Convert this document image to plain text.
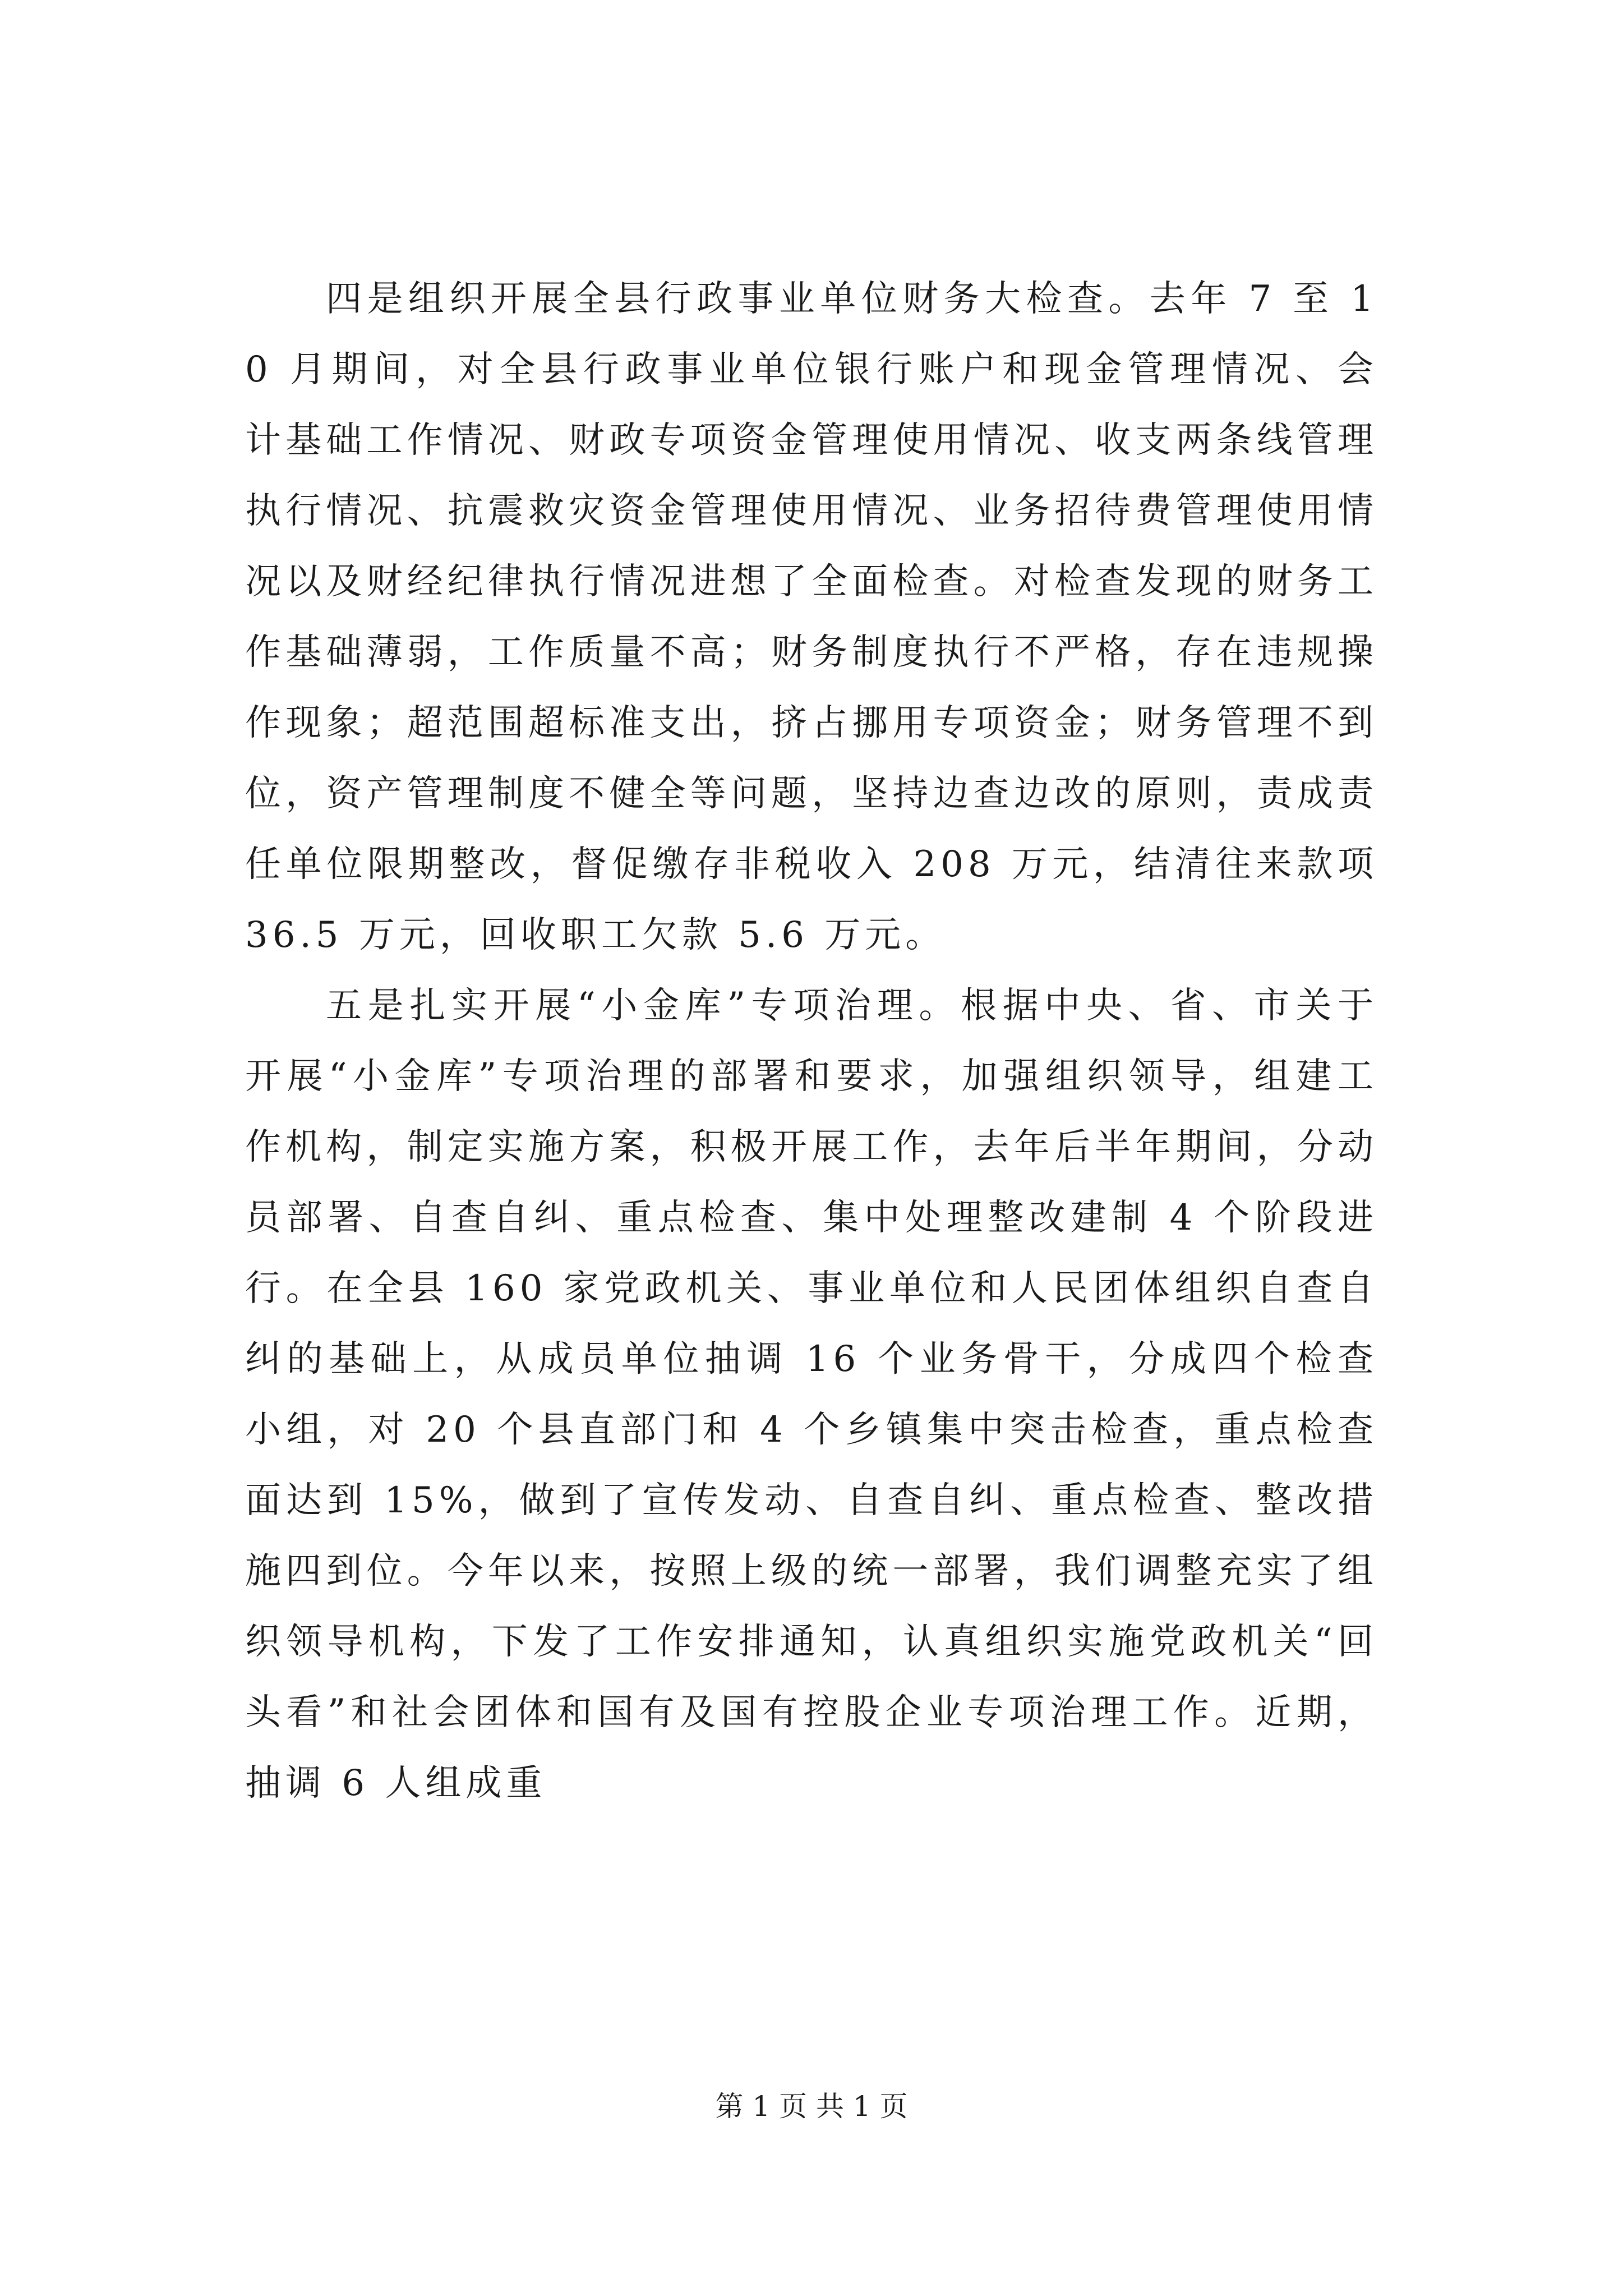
四是组织开展全县行政事业单位财务大检查。去年 7 至 10 月期间，对全县行政事业单位银行账户和现金管理情况、会计基础工作情况、财政专项资金管理使用情况、收支两条线管理执行情况、抗震救灾资金管理使用情况、业务招待费管理使用情况以及财经纪律执行情况进想了全面检查。对检查发现的财务工作基础薄弱，工作质量不高；财务制度执行不严格，存在违规操作现象；超范围超标准支出，挤占挪用专项资金；财务管理不到位，资产管理制度不健全等问题，坚持边查边改的原则，责成责任单位限期整改，督促缴存非税收入 208 万元，结清往来款项 36.5 万元，回收职工欠款 5.6 万元。

五是扎实开展“小金库”专项治理。根据中央、省、市关于开展“小金库”专项治理的部署和要求，加强组织领导，组建工作机构，制定实施方案，积极开展工作，去年后半年期间，分动员部署、自查自纠、重点检查、集中处理整改建制 4 个阶段进行。在全县 160 家党政机关、事业单位和人民团体组织自查自纠的基础上，从成员单位抽调 16 个业务骨干，分成四个检查小组，对 20 个县直部门和 4 个乡镇集中突击检查，重点检查面达到 15%，做到了宣传发动、自查自纠、重点检查、整改措施四到位。今年以来，按照上级的统一部署，我们调整充实了组织领导机构，下发了工作安排通知，认真组织实施党政机关“回头看”和社会团体和国有及国有控股企业专项治理工作。近期，抽调 6 人组成重

第 1 页 共 1 页
